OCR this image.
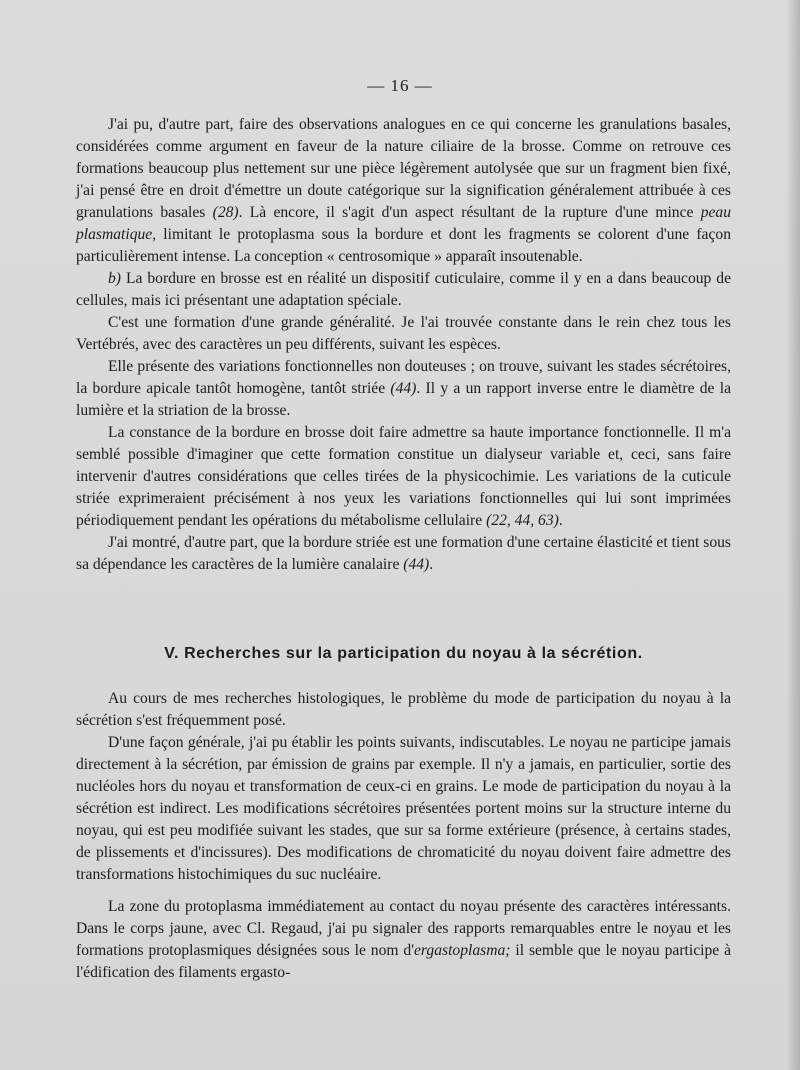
— 16 —

J'ai pu, d'autre part, faire des observations analogues en ce qui concerne les granulations basales, considérées comme argument en faveur de la nature ciliaire de la brosse. Comme on retrouve ces formations beaucoup plus nettement sur une pièce légèrement autolysée que sur un fragment bien fixé, j'ai pensé être en droit d'émettre un doute catégorique sur la signification généralement attribuée à ces granulations basales (28). Là encore, il s'agit d'un aspect résultant de la rupture d'une mince peau plasmatique, limitant le protoplasma sous la bordure et dont les fragments se colorent d'une façon particulièrement intense. La conception « centrosomique » apparaît insoutenable.

b) La bordure en brosse est en réalité un dispositif cuticulaire, comme il y en a dans beaucoup de cellules, mais ici présentant une adaptation spéciale.

C'est une formation d'une grande généralité. Je l'ai trouvée constante dans le rein chez tous les Vertébrés, avec des caractères un peu différents, suivant les espèces.

Elle présente des variations fonctionnelles non douteuses ; on trouve, suivant les stades sécrétoires, la bordure apicale tantôt homogène, tantôt striée (44). Il y a un rapport inverse entre le diamètre de la lumière et la striation de la brosse.

La constance de la bordure en brosse doit faire admettre sa haute importance fonctionnelle. Il m'a semblé possible d'imaginer que cette formation constitue un dialyseur variable et, ceci, sans faire intervenir d'autres considérations que celles tirées de la physicochimie. Les variations de la cuticule striée exprimeraient précisément à nos yeux les variations fonctionnelles qui lui sont imprimées périodiquement pendant les opérations du métabolisme cellulaire (22, 44, 63).

J'ai montré, d'autre part, que la bordure striée est une formation d'une certaine élasticité et tient sous sa dépendance les caractères de la lumière canalaire (44).

V. Recherches sur la participation du noyau à la sécrétion.

Au cours de mes recherches histologiques, le problème du mode de participation du noyau à la sécrétion s'est fréquemment posé.

D'une façon générale, j'ai pu établir les points suivants, indiscutables. Le noyau ne participe jamais directement à la sécrétion, par émission de grains par exemple. Il n'y a jamais, en particulier, sortie des nucléoles hors du noyau et transformation de ceux-ci en grains. Le mode de participation du noyau à la sécrétion est indirect. Les modifications sécrétoires présentées portent moins sur la structure interne du noyau, qui est peu modifiée suivant les stades, que sur sa forme extérieure (présence, à certains stades, de plissements et d'incissures). Des modifications de chromaticité du noyau doivent faire admettre des transformations histochimiques du suc nucléaire.

La zone du protoplasma immédiatement au contact du noyau présente des caractères intéressants. Dans le corps jaune, avec Cl. Regaud, j'ai pu signaler des rapports remarquables entre le noyau et les formations protoplasmiques désignées sous le nom d'ergastoplasma; il semble que le noyau participe à l'édification des filaments ergasto-
